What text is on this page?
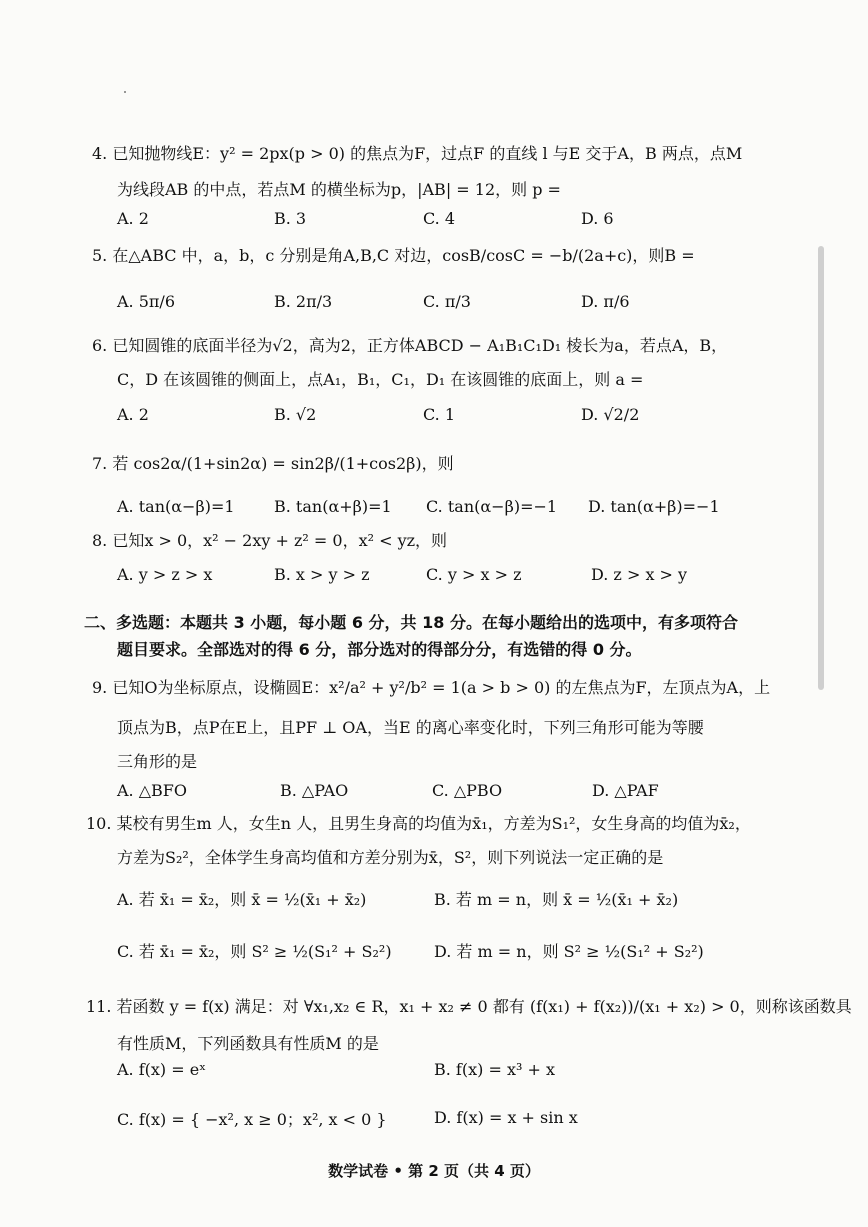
4. 已知抛物线E：y² = 2px(p > 0) 的焦点为F，过点F 的直线 l 与E 交于A，B 两点，点M
为线段AB 的中点，若点M 的横坐标为p，|AB| = 12，则 p =
A. 2	B. 3	C. 4	D. 6
5. 在△ABC 中，a，b，c 分别是角A,B,C 对边，cosB/cosC = −b/(2a+c)，则B =
A. 5π/6	B. 2π/3	C. π/3	D. π/6
6. 已知圆锥的底面半径为√2，高为2，正方体ABCD − A₁B₁C₁D₁ 棱长为a，若点A，B，
C，D 在该圆锥的侧面上，点A₁，B₁，C₁，D₁ 在该圆锥的底面上，则 a =
A. 2	B. √2	C. 1	D. √2/2
7. 若 cos2α/(1+sin2α) = sin2β/(1+cos2β)，则
A. tan(α−β)=1 B. tan(α+β)=1 C. tan(α−β)=−1 D. tan(α+β)=−1
8. 已知x > 0，x² − 2xy + z² = 0，x² < yz，则
A. y > z > x	B. x > y > z	C. y > x > z	D. z > x > y
二、多选题：本题共 3 小题，每小题 6 分，共 18 分。在每小题给出的选项中，有多项符合
题目要求。全部选对的得 6 分，部分选对的得部分分，有选错的得 0 分。
9. 已知O为坐标原点，设椭圆E：x²/a² + y²/b² = 1(a > b > 0) 的左焦点为F，左顶点为A，上
顶点为B，点P在E上，且PF ⊥ OA，当E 的离心率变化时，下列三角形可能为等腰
三角形的是
A. △BFO	B. △PAO	C. △PBO	D. △PAF
10. 某校有男生m 人，女生n 人，且男生身高的均值为x̄₁，方差为S₁²，女生身高的均值为x̄₂，
方差为S₂²，全体学生身高均值和方差分别为x̄，S²，则下列说法一定正确的是
A. 若 x̄₁ = x̄₂，则 x̄ = ½(x̄₁ + x̄₂)	B. 若 m = n，则 x̄ = ½(x̄₁ + x̄₂)
C. 若 x̄₁ = x̄₂，则 S² ≥ ½(S₁² + S₂²)	D. 若 m = n，则 S² ≥ ½(S₁² + S₂²)
11. 若函数 y = f(x) 满足：对 ∀x₁,x₂ ∈ R，x₁ + x₂ ≠ 0 都有 (f(x₁) + f(x₂))/(x₁ + x₂) > 0，则称该函数具
有性质M，下列函数具有性质M 的是
A. f(x) = eˣ	B. f(x) = x³ + x
C. f(x) = { −x², x ≥ 0；x², x < 0 }	D. f(x) = x + sin x
数学试卷 • 第 2 页（共 4 页）
